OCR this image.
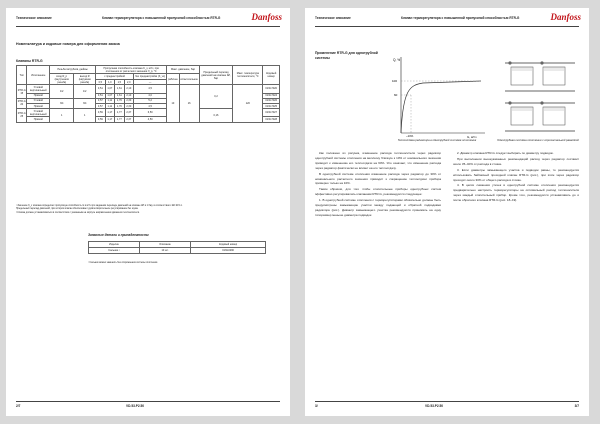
Техническое описание	Клапан терморегулятора с повышенной пропускной способностью RTR-G	Danfoss
Номенклатура и кодовые номера для оформления заказа
Клапаны RTR-G
Тип	Исполнение	Резьба патрубков, дюймы		Пропускная способность клапана K_v, м³/ч, при отклонении от расчетного значения X_p, °C					Макс. давление, бар		Предельный перепад давлений на клапане ΔP, бар	Макс. температура теплоносителя, °C	Кодовый номер
		вход R_p (внутренняя резьба)	выход R (наружная резьба)	с преднастройкой				без преднастройки (K_vs)	рабочее	испытательное			
				0,5	1,0	1,5	2,0	—					
RTR-G 15	Угловой вертикальный	1/2	1/2	0,51	1,07	1,61	2,10	4,5	10	16	0,2	120	013G7020
	Прямой			0,51	1,07	1,61	2,10	4,0					013G7024
RTR-G 20	Угловой	3/4	3/4	0,57	1,11	1,76	2,30	5,2					013G7026
	Прямой			0,57	1,11	1,76	2,30	4,5					013G7025
RTR-G 25	Угловой вертикальный	1	1	0,59	1,17	1,77	2,37	6,50			0,16		013G7027
	Прямой			0,59	1,17	1,77	2,37	4,50					013G7028
¹ Значение K_v клапана определяет пропускную способность G в м³/ч при заданном перепаде давлений на клапане ΔP в 1 бар, в соответствии с EN 215-1.
Предельный перепад давлений, при котором клапан обеспечивает удовлетворительное регулирование без шума.
² Клапан должен устанавливаться в соответствии с указанным на корпусе направлением движения теплоносителя.
Запасные детали и принадлежности
Изделие	Описание	Кодовый номер
Сальник ¹	10 шт.	013G0290
¹ Сальник можно заменить без опорожнения системы отопления.
2/7	VD.53.P2.50
Техническое описание	Клапан терморегулятора с повышенной пропускной способностью RTR-G	Danfoss
Применение RTR-G для однотрубной системы
Q, %
100
60
~10%	G, м³/ч
Теплоотдача радиатора в однотрубной системе отопления	Однотрубная система отопления с горизонтальной разводкой

Как положено из рисунка, изменение расхода теплоносителя через радиатор однотрубной системы отопления на величину близкую к 10% от номинального значения приводит к изменению его теплоотдачи на 60%. Это означает, что изменение расхода через радиатор фактически не влияет на его теплоотдачу.

В однотрубной системе отопления изменение расхода через радиатор до 30% от номинального расчетного значения приводит к сокращению теплоотдачи прибора примерно только на 10%.

Таким образом, для того чтобы отопительные приборы однотрубных систем эффективно регулировались клапанами RTR-G, рекомендуется следующее:

1. В однотрубной системе отопления с терморегуляторами обязательно должны быть предусмотрены замыкающие участки между подающей и обратной подводками радиатора (рис.). Диаметр замыкающего участка рекомендуется принимать на одну типоразмер меньше диаметра подводок.

2. Диаметр клапана RTR-G следует выбирать по диаметру подводок.

При выполнении вышеуказанных рекомендаций расход через радиатор составит около 35–40% от расхода в стояке.

3. Если диаметры замыкающего участка и подводок равны, то рекомендуется использовать байпасный проходной клапан RTR-G (рис.), при этом через радиатор проходит около 30% от общего расхода в стояке.

4. В целях снижения утечек в однотрубной системе отопления рекомендуется предварительно настроить терморегуляторы на оптимальный расход теплоносителя через каждый отопительный прибор. Кроме того, рекомендуется устанавливать до и после обратного клапана RTR-G (рис. 18–19).

3/	VD.53.P2.50	3/7
